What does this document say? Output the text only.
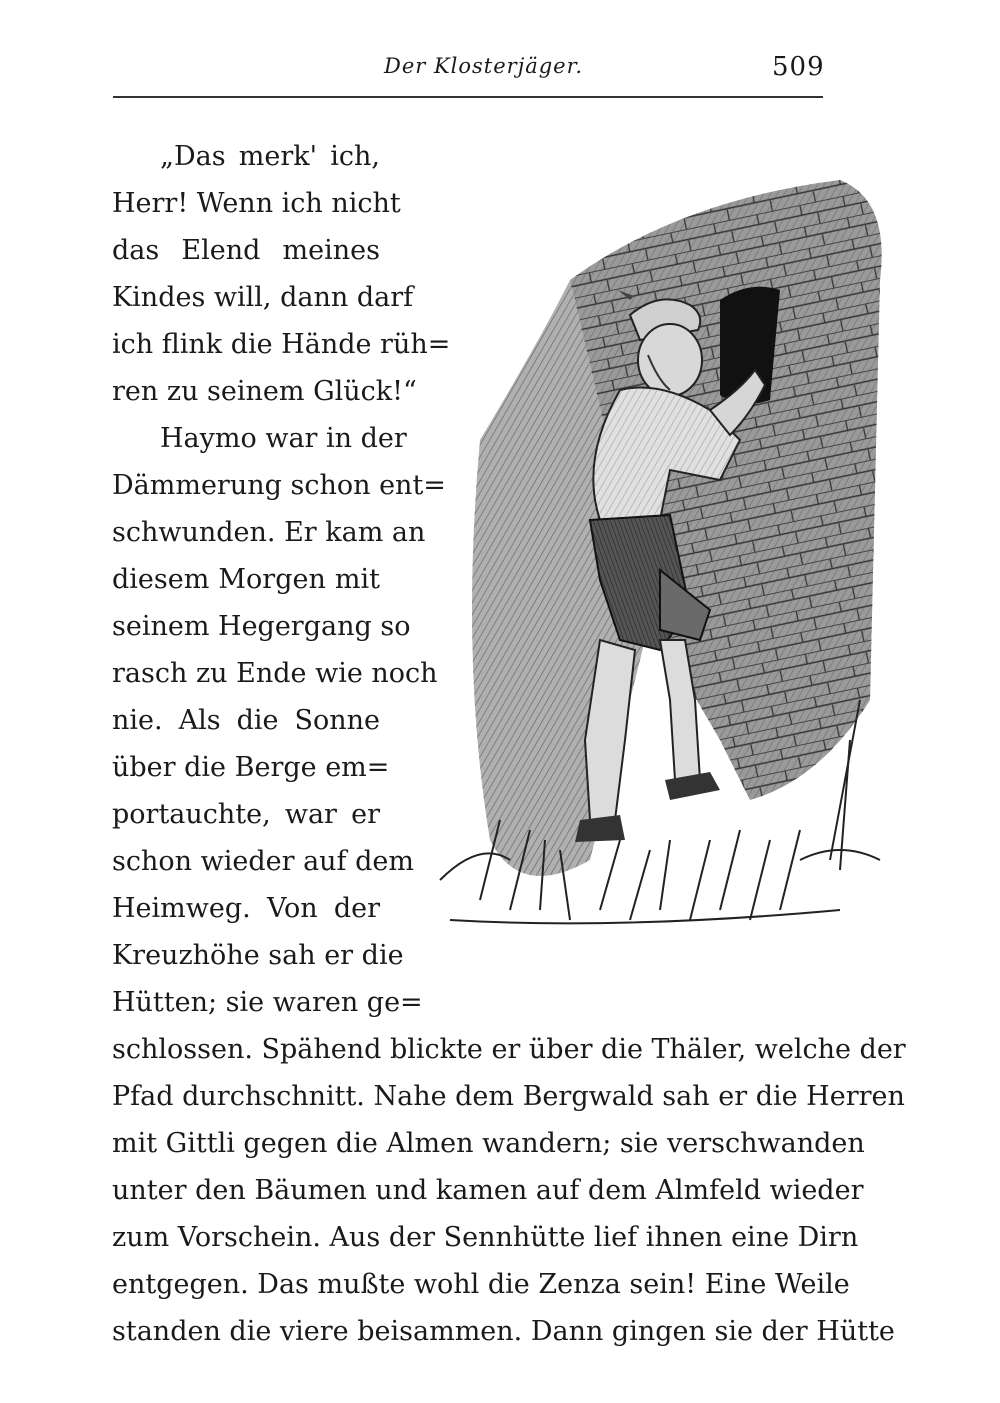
Der Klosterjäger.	509
„Das merk' ich,
Herr! Wenn ich nicht
das Elend meines
Kindes will, dann darf
ich flink die Hände rüh=
ren zu seinem Glück!“
Haymo war in der
Dämmerung schon ent=
schwunden. Er kam an
diesem Morgen mit
seinem Hegergang so
rasch zu Ende wie noch
nie. Als die Sonne
über die Berge em=
portauchte, war er
schon wieder auf dem
Heimweg. Von der
Kreuzhöhe sah er die
Hütten; sie waren ge=
schlossen. Spähend blickte er über die Thäler, welche der
Pfad durchschnitt. Nahe dem Bergwald sah er die Herren
mit Gittli gegen die Almen wandern; sie verschwanden
unter den Bäumen und kamen auf dem Almfeld wieder
zum Vorschein. Aus der Sennhütte lief ihnen eine Dirn
entgegen. Das mußte wohl die Zenza sein! Eine Weile
standen die viere beisammen. Dann gingen sie der Hütte
